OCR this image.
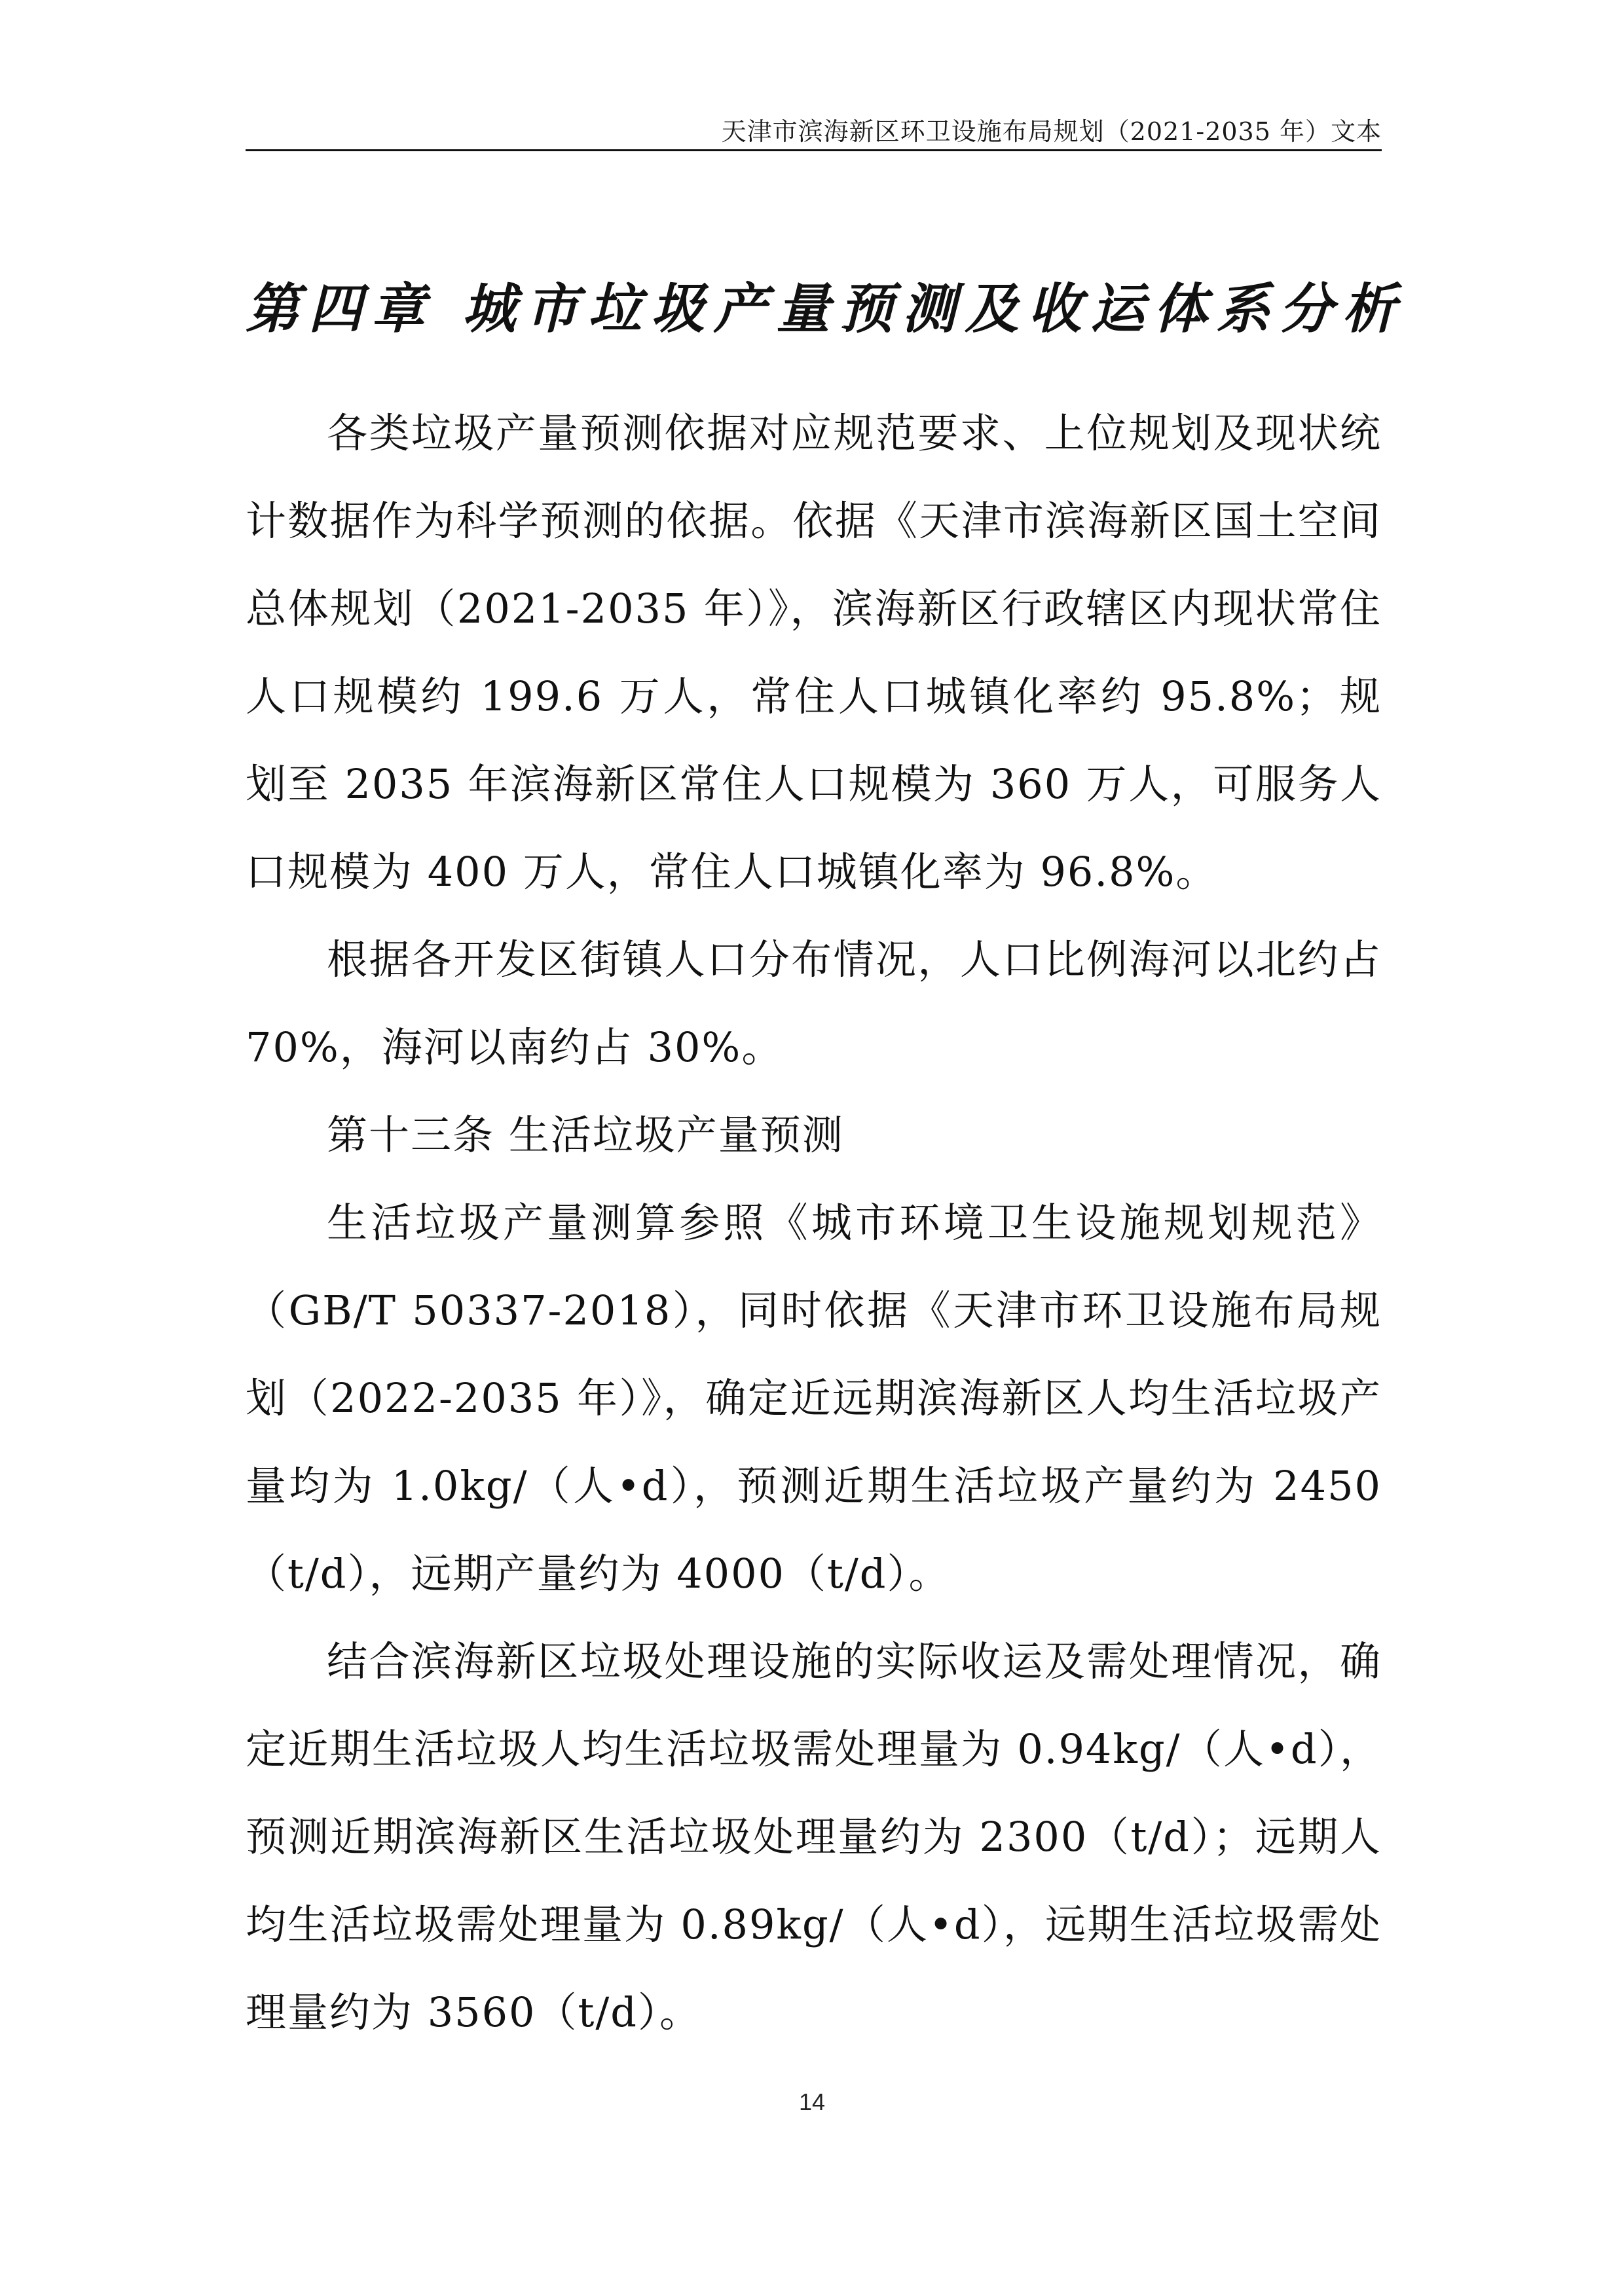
天津市滨海新区环卫设施布局规划（2021-2035 年）文本
第四章 城市垃圾产量预测及收运体系分析

各类垃圾产量预测依据对应规范要求、上位规划及现状统计数据作为科学预测的依据。依据《天津市滨海新区国土空间总体规划（2021-2035 年）》，滨海新区行政辖区内现状常住人口规模约 199.6 万人，常住人口城镇化率约 95.8%；规划至 2035 年滨海新区常住人口规模为 360 万人，可服务人口规模为 400 万人，常住人口城镇化率为 96.8%。

根据各开发区街镇人口分布情况，人口比例海河以北约占 70%，海河以南约占 30%。

第十三条 生活垃圾产量预测

生活垃圾产量测算参照《城市环境卫生设施规划规范》（GB/T 50337-2018），同时依据《天津市环卫设施布局规划（2022-2035 年）》，确定近远期滨海新区人均生活垃圾产量均为 1.0kg/（人•d），预测近期生活垃圾产量约为 2450（t/d），远期产量约为 4000（t/d）。

结合滨海新区垃圾处理设施的实际收运及需处理情况，确定近期生活垃圾人均生活垃圾需处理量为 0.94kg/（人•d），预测近期滨海新区生活垃圾处理量约为 2300（t/d）；远期人均生活垃圾需处理量为 0.89kg/（人•d），远期生活垃圾需处理量约为 3560（t/d）。

14
